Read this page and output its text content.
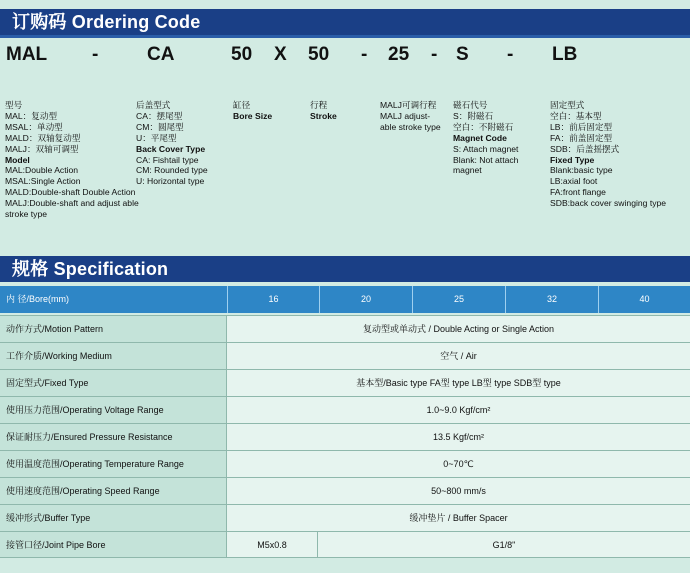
订购码 Ordering Code
MAL -	CA	50 X 50 - 25 - S - LB
型号
MAL：复动型
MSAL：单动型
MALD：双轴复动型
MALJ：双轴可调型
Model
MAL:Double Action
MSAL:Single Action
MALD:Double-shaft Double Action
MALJ:Double-shaft and adjust able
stroke type
后盖型式
CA：摆尾型
CM：圆尾型
U：平尾型
Back Cover Type
CA: Fishtail type
CM: Rounded type
U: Horizontal type
缸径
Bore Size
行程
Stroke
MALJ可调行程
MALJ adjust-
able stroke type
磁石代号
S：附磁石
空白：不附磁石
Magnet Code
S: Attach magnet
Blank: Not attach
magnet
固定型式
空白：基本型
LB：前后固定型
FA：前盖固定型
SDB：后盖摇摆式
Fixed Type
Blank:basic type
LB:axial foot
FA:front flange
SDB:back cover swinging type
规格 Specification
内 径/Bore(mm)	16	20	25	32	40
动作方式/Motion Pattern	复动型或单动式 / Double Acting or Single Action
工作介质/Working Medium	空气 / Air
固定型式/Fixed Type	基本型/Basic type FA型 type LB型 type SDB型 type
使用压力范围/Operating Voltage Range	1.0~9.0 Kgf/cm²
保证耐压力/Ensured Pressure Resistance	13.5 Kgf/cm²
使用温度范围/Operating Temperature Range	0~70℃
使用速度范围/Operating Speed Range	50~800 mm/s
缓冲形式/Buffer Type	缓冲垫片 / Buffer Spacer
接管口径/Joint Pipe Bore	M5x0.8	G1/8"
